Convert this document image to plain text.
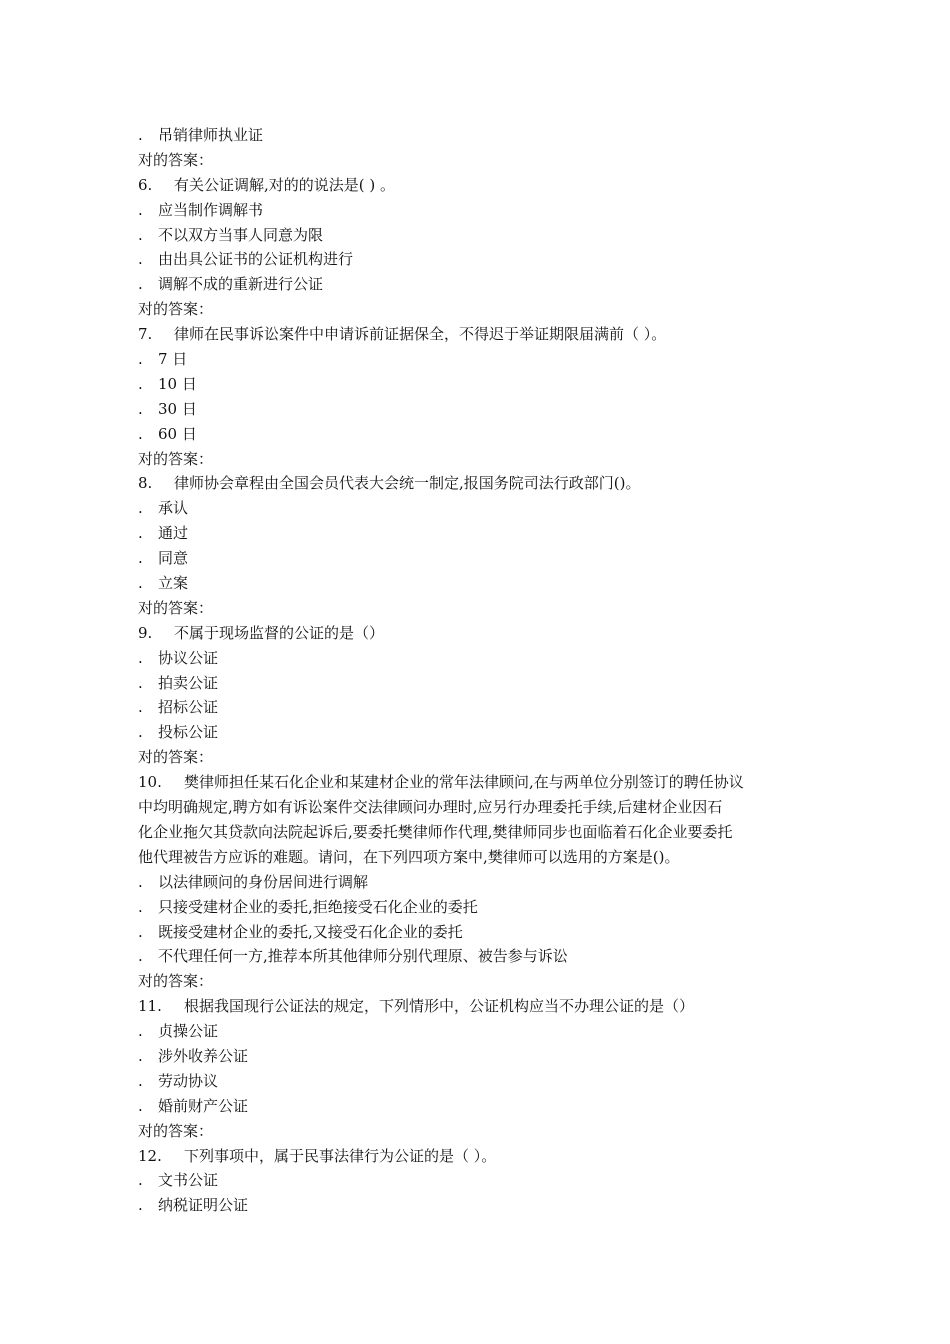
.	吊销律师执业证
对的答案：
6.	有关公证调解,对的的说法是( ) 。
.	应当制作调解书
.	不以双方当事人同意为限
.	由出具公证书的公证机构进行
.	调解不成的重新进行公证
对的答案：
7.	律师在民事诉讼案件中申请诉前证据保全，不得迟于举证期限届满前（ ）。
.	7 日
.	10 日
.	30 日
.	60 日
对的答案：
8.	律师协会章程由全国会员代表大会统一制定,报国务院司法行政部门()。
.	承认
.	通过
.	同意
.	立案
对的答案：
9.	不属于现场监督的公证的是（）
.	协议公证
.	拍卖公证
.	招标公证
.	投标公证
对的答案：
10.	樊律师担任某石化企业和某建材企业的常年法律顾问,在与两单位分别签订的聘任协议
中均明确规定,聘方如有诉讼案件交法律顾问办理时,应另行办理委托手续,后建材企业因石
化企业拖欠其贷款向法院起诉后,要委托樊律师作代理,樊律师同步也面临着石化企业要委托
他代理被告方应诉的难题。请问，在下列四项方案中,樊律师可以选用的方案是()。
.	以法律顾问的身份居间进行调解
.	只接受建材企业的委托,拒绝接受石化企业的委托
.	既接受建材企业的委托,又接受石化企业的委托
.	不代理任何一方,推荐本所其他律师分别代理原、被告参与诉讼
对的答案：
11.	根据我国现行公证法的规定，下列情形中，公证机构应当不办理公证的是（）
.	贞操公证
.	涉外收养公证
.	劳动协议
.	婚前财产公证
对的答案：
12.	下列事项中，属于民事法律行为公证的是（ ）。
.	文书公证
.	纳税证明公证
